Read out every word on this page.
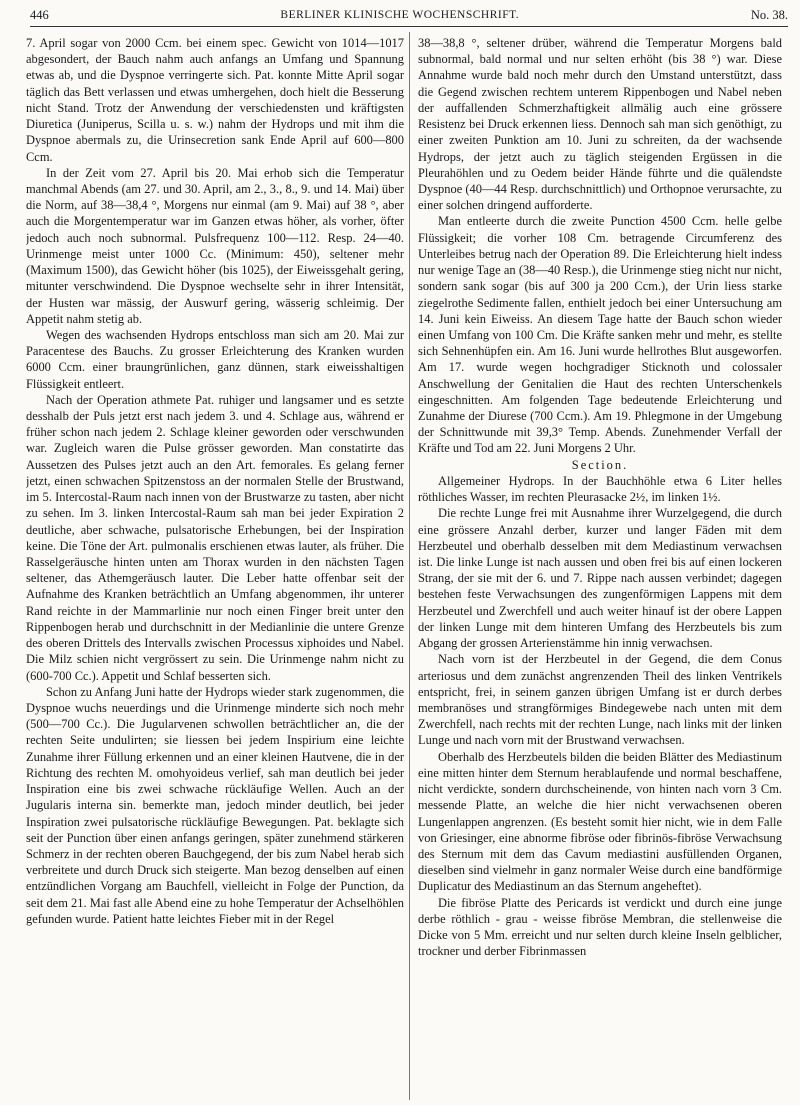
446	BERLINER KLINISCHE WOCHENSCHRIFT.	No. 38.

7. April sogar von 2000 Ccm. bei einem spec. Gewicht von 1014—1017 abgesondert, der Bauch nahm auch anfangs an Umfang und Spannung etwas ab, und die Dyspnoe verringerte sich. Pat. konnte Mitte April sogar täglich das Bett verlassen und etwas umhergehen, doch hielt die Besserung nicht Stand. Trotz der Anwendung der verschiedensten und kräftigsten Diuretica (Juniperus, Scilla u. s. w.) nahm der Hydrops und mit ihm die Dyspnoe abermals zu, die Urinsecretion sank Ende April auf 600—800 Ccm.

In der Zeit vom 27. April bis 20. Mai erhob sich die Temperatur manchmal Abends (am 27. und 30. April, am 2., 3., 8., 9. und 14. Mai) über die Norm, auf 38—38,4 °, Morgens nur einmal (am 9. Mai) auf 38 °, aber auch die Morgentemperatur war im Ganzen etwas höher, als vorher, öfter jedoch auch noch subnormal. Pulsfrequenz 100—112. Resp. 24—40. Urinmenge meist unter 1000 Cc. (Minimum: 450), seltener mehr (Maximum 1500), das Gewicht höher (bis 1025), der Eiweissgehalt gering, mitunter verschwindend. Die Dyspnoe wechselte sehr in ihrer Intensität, der Husten war mässig, der Auswurf gering, wässerig schleimig. Der Appetit nahm stetig ab.

Wegen des wachsenden Hydrops entschloss man sich am 20. Mai zur Paracentese des Bauchs. Zu grosser Erleichterung des Kranken wurden 6000 Ccm. einer braungrünlichen, ganz dünnen, stark eiweisshaltigen Flüssigkeit entleert.

Nach der Operation athmete Pat. ruhiger und langsamer und es setzte desshalb der Puls jetzt erst nach jedem 3. und 4. Schlage aus, während er früher schon nach jedem 2. Schlage kleiner geworden oder verschwunden war. Zugleich waren die Pulse grösser geworden. Man constatirte das Aussetzen des Pulses jetzt auch an den Art. femorales. Es gelang ferner jetzt, einen schwachen Spitzenstoss an der normalen Stelle der Brustwand, im 5. Intercostal-Raum nach innen von der Brustwarze zu tasten, aber nicht zu sehen. Im 3. linken Intercostal-Raum sah man bei jeder Expiration 2 deutliche, aber schwache, pulsatorische Erhebungen, bei der Inspiration keine. Die Töne der Art. pulmonalis erschienen etwas lauter, als früher. Die Rasselgeräusche hinten unten am Thorax wurden in den nächsten Tagen seltener, das Athemgeräusch lauter. Die Leber hatte offenbar seit der Aufnahme des Kranken beträchtlich an Umfang abgenommen, ihr unterer Rand reichte in der Mammarlinie nur noch einen Finger breit unter den Rippenbogen herab und durchschnitt in der Medianlinie die untere Grenze des oberen Drittels des Intervalls zwischen Processus xiphoides und Nabel. Die Milz schien nicht vergrössert zu sein. Die Urinmenge nahm nicht zu (600-700 Cc.). Appetit und Schlaf besserten sich.

Schon zu Anfang Juni hatte der Hydrops wieder stark zugenommen, die Dyspnoe wuchs neuerdings und die Urinmenge minderte sich noch mehr (500—700 Cc.). Die Jugularvenen schwollen beträchtlicher an, die der rechten Seite undulirten; sie liessen bei jedem Inspirium eine leichte Zunahme ihrer Füllung erkennen und an einer kleinen Hautvene, die in der Richtung des rechten M. omohyoideus verlief, sah man deutlich bei jeder Inspiration eine bis zwei schwache rückläufige Wellen. Auch an der Jugularis interna sin. bemerkte man, jedoch minder deutlich, bei jeder Inspiration zwei pulsatorische rückläufige Bewegungen. Pat. beklagte sich seit der Punction über einen anfangs geringen, später zunehmend stärkeren Schmerz in der rechten oberen Bauchgegend, der bis zum Nabel herab sich verbreitete und durch Druck sich steigerte. Man bezog denselben auf einen entzündlichen Vorgang am Bauchfell, vielleicht in Folge der Punction, da seit dem 21. Mai fast alle Abend eine zu hohe Temperatur der Achselhöhlen gefunden wurde. Patient hatte leichtes Fieber mit in der Regel

38—38,8 °, seltener drüber, während die Temperatur Morgens bald subnormal, bald normal und nur selten erhöht (bis 38 °) war. Diese Annahme wurde bald noch mehr durch den Umstand unterstützt, dass die Gegend zwischen rechtem unterem Rippenbogen und Nabel neben der auffallenden Schmerzhaftigkeit allmälig auch eine grössere Resistenz bei Druck erkennen liess. Dennoch sah man sich genöthigt, zu einer zweiten Punktion am 10. Juni zu schreiten, da der wachsende Hydrops, der jetzt auch zu täglich steigenden Ergüssen in die Pleurahöhlen und zu Oedem beider Hände führte und die quälendste Dyspnoe (40—44 Resp. durchschnittlich) und Orthopnoe verursachte, zu einer solchen dringend aufforderte.

Man entleerte durch die zweite Punction 4500 Ccm. helle gelbe Flüssigkeit; die vorher 108 Cm. betragende Circumferenz des Unterleibes betrug nach der Operation 89. Die Erleichterung hielt indess nur wenige Tage an (38—40 Resp.), die Urinmenge stieg nicht nur nicht, sondern sank sogar (bis auf 300 ja 200 Ccm.), der Urin liess starke ziegelrothe Sedimente fallen, enthielt jedoch bei einer Untersuchung am 14. Juni kein Eiweiss. An diesem Tage hatte der Bauch schon wieder einen Umfang von 100 Cm. Die Kräfte sanken mehr und mehr, es stellte sich Sehnenhüpfen ein. Am 16. Juni wurde hellrothes Blut ausgeworfen. Am 17. wurde wegen hochgradiger Sticknoth und colossaler Anschwellung der Genitalien die Haut des rechten Unterschenkels eingeschnitten. Am folgenden Tage bedeutende Erleichterung und Zunahme der Diurese (700 Ccm.). Am 19. Phlegmone in der Umgebung der Schnittwunde mit 39,3° Temp. Abends. Zunehmender Verfall der Kräfte und Tod am 22. Juni Morgens 2 Uhr.

Section.

Allgemeiner Hydrops. In der Bauchhöhle etwa 6 Liter helles röthliches Wasser, im rechten Pleurasacke 2½, im linken 1½.

Die rechte Lunge frei mit Ausnahme ihrer Wurzelgegend, die durch eine grössere Anzahl derber, kurzer und langer Fäden mit dem Herzbeutel und oberhalb desselben mit dem Mediastinum verwachsen ist. Die linke Lunge ist nach aussen und oben frei bis auf einen lockeren Strang, der sie mit der 6. und 7. Rippe nach aussen verbindet; dagegen bestehen feste Verwachsungen des zungenförmigen Lappens mit dem Herzbeutel und Zwerchfell und auch weiter hinauf ist der obere Lappen der linken Lunge mit dem hinteren Umfang des Herzbeutels bis zum Abgang der grossen Arterienstämme hin innig verwachsen.

Nach vorn ist der Herzbeutel in der Gegend, die dem Conus arteriosus und dem zunächst angrenzenden Theil des linken Ventrikels entspricht, frei, in seinem ganzen übrigen Umfang ist er durch derbes membranöses und strangförmiges Bindegewebe nach unten mit dem Zwerchfell, nach rechts mit der rechten Lunge, nach links mit der linken Lunge und nach vorn mit der Brustwand verwachsen.

Oberhalb des Herzbeutels bilden die beiden Blätter des Mediastinum eine mitten hinter dem Sternum herablaufende und normal beschaffene, nicht verdickte, sondern durchscheinende, von hinten nach vorn 3 Cm. messende Platte, an welche die hier nicht verwachsenen oberen Lungenlappen angrenzen. (Es besteht somit hier nicht, wie in dem Falle von Griesinger, eine abnorme fibröse oder fibrinös-fibröse Verwachsung des Sternum mit dem das Cavum mediastini ausfüllenden Organen, dieselben sind vielmehr in ganz normaler Weise durch eine bandförmige Duplicatur des Mediastinum an das Sternum angeheftet).

Die fibröse Platte des Pericards ist verdickt und durch eine junge derbe röthlich - grau - weisse fibröse Membran, die stellenweise die Dicke von 5 Mm. erreicht und nur selten durch kleine Inseln gelblicher, trockner und derber Fibrinmassen
